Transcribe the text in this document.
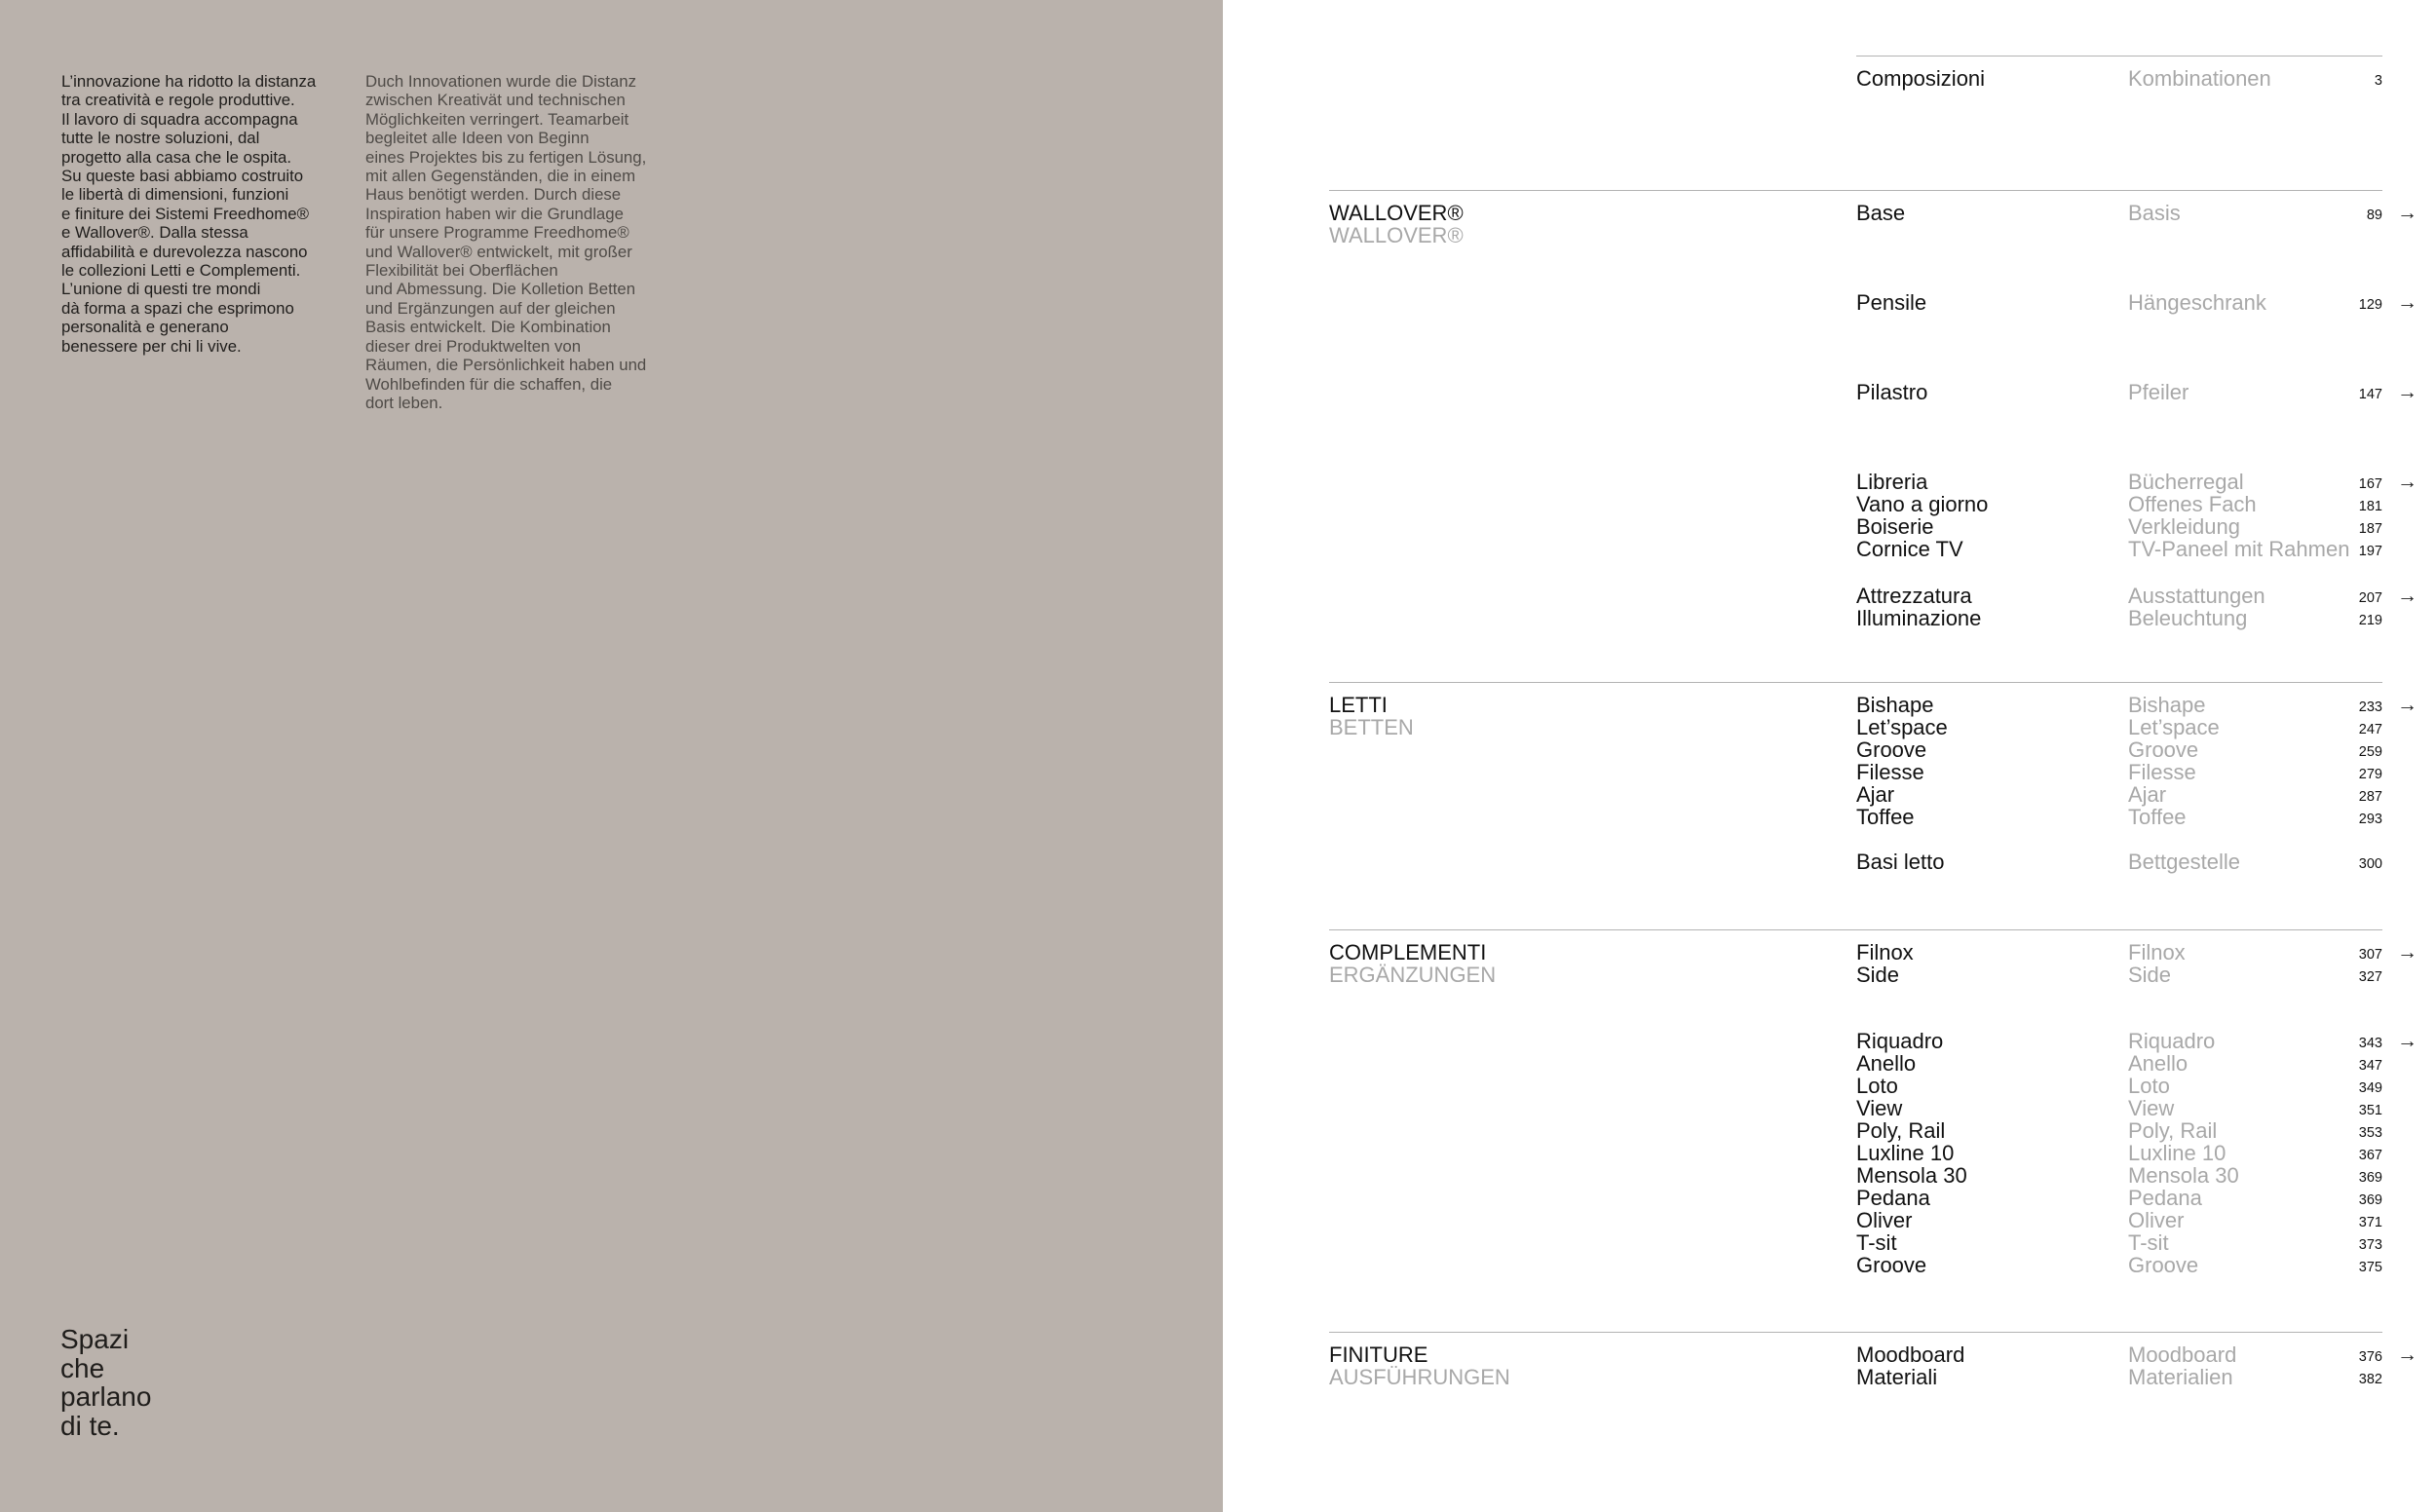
L’innovazione ha ridotto la distanza
tra creatività e regole produttive.
Il lavoro di squadra accompagna
tutte le nostre soluzioni, dal
progetto alla casa che le ospita.
Su queste basi abbiamo costruito
le libertà di dimensioni, funzioni
e finiture dei Sistemi Freedhome®
e Wallover®. Dalla stessa
affidabilità e durevolezza nascono
le collezioni Letti e Complementi.
L’unione di questi tre mondi
dà forma a spazi che esprimono
personalità e generano
benessere per chi li vive.
Duch Innovationen wurde die Distanz
zwischen Kreativät und technischen
Möglichkeiten verringert. Teamarbeit
begleitet alle Ideen von Beginn
eines Projektes bis zu fertigen Lösung,
mit allen Gegenständen, die in einem
Haus benötigt werden. Durch diese
Inspiration haben wir die Grundlage
für unsere Programme Freedhome®
und Wallover® entwickelt, mit großer
Flexibilität bei Oberflächen
und Abmessung. Die Kolletion Betten
und Ergänzungen auf der gleichen
Basis entwickelt. Die Kombination
dieser drei Produktwelten von
Räumen, die Persönlichkeit haben und
Wohlbefinden für die schaffen, die
dort leben.
Spazi
che
parlano
di te.
Composizioni	Kombinationen	3
WALLOVER®
WALLOVER®
Base	Basis	89 →
Pensile	Hängeschrank	129 →
Pilastro	Pfeiler	147 →
Libreria	Bücherregal	167 →
Vano a giorno	Offenes Fach	181
Boiserie	Verkleidung	187
Cornice TV	TV-Paneel mit Rahmen 197
Attrezzatura	Ausstattungen	207 →
Illuminazione	Beleuchtung	219
LETTI
BETTEN
Bishape	Bishape	233 →
Let’space	Let’space	247
Groove	Groove	259
Filesse	Filesse	279
Ajar	Ajar	287
Toffee	Toffee	293
Basi letto	Bettgestelle	300
COMPLEMENTI
ERGÄNZUNGEN
Filnox	Filnox	307 →
Side	Side	327
Riquadro	Riquadro	343 →
Anello	Anello	347
Loto	Loto	349
View	View	351
Poly, Rail	Poly, Rail	353
Luxline 10	Luxline 10	367
Mensola 30	Mensola 30	369
Pedana	Pedana	369
Oliver	Oliver	371
T-sit	T-sit	373
Groove	Groove	375
FINITURE
AUSFÜHRUNGEN
Moodboard	Moodboard	376 →
Materiali	Materialien	382
